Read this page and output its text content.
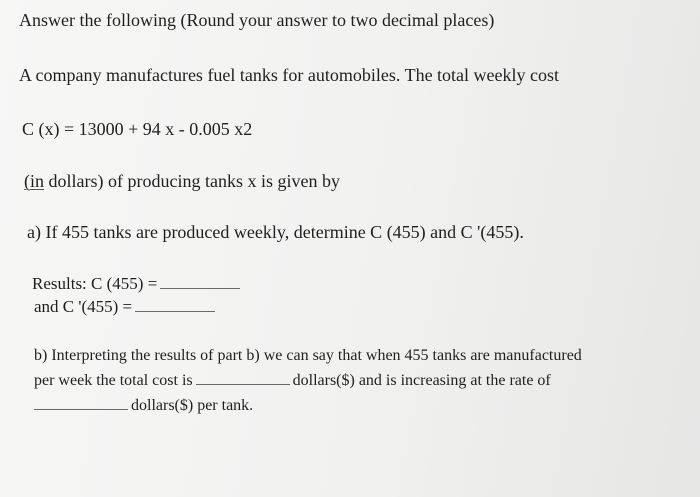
Answer the following (Round your answer to two decimal places)
A company manufactures fuel tanks for automobiles. The total weekly cost
C (x) = 13000 + 94 x - 0.005 x2
(in dollars) of producing tanks x is given by
a) If 455 tanks are produced weekly, determine C (455) and C '(455).
Results: C (455) =
and C '(455) =
b) Interpreting the results of part b) we can say that when 455 tanks are manufactured
per week the total cost is	dollars($) and is increasing at the rate of
dollars($) per tank.
